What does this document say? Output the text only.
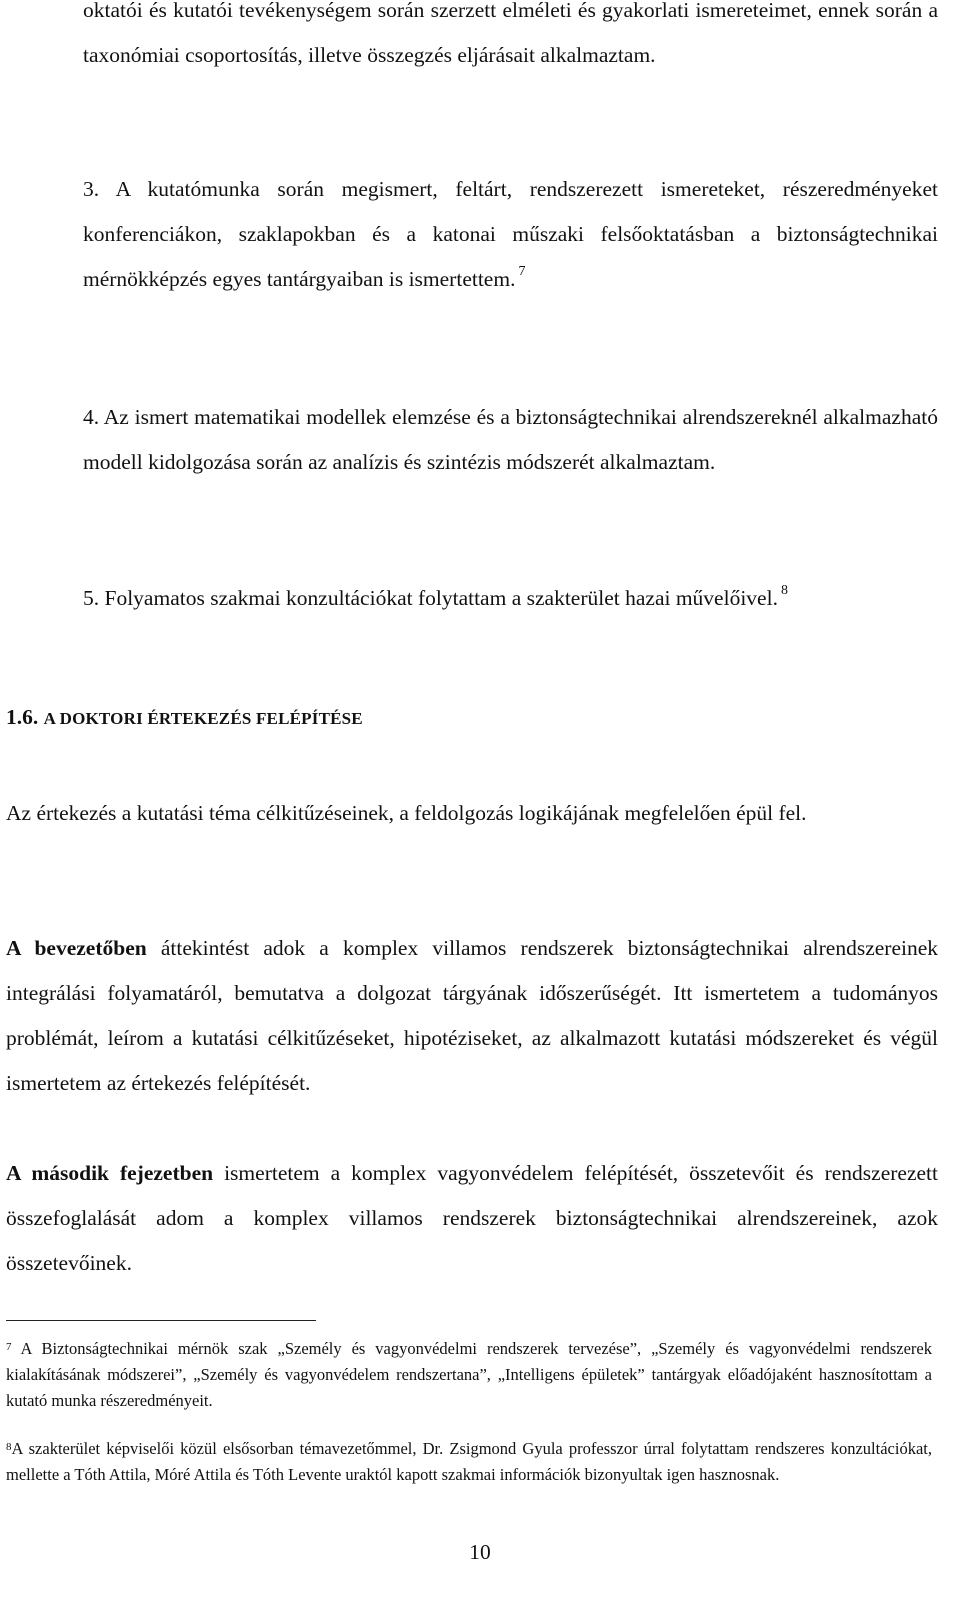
oktatói és kutatói tevékenységem során szerzett elméleti és gyakorlati ismereteimet, ennek során a taxonómiai csoportosítás, illetve összegzés eljárásait alkalmaztam.
3. A kutatómunka során megismert, feltárt, rendszerezett ismereteket, részeredményeket konferenciákon, szaklapokban és a katonai műszaki felsőoktatásban a biztonságtechnikai mérnökképzés egyes tantárgyaiban is ismertettem. $^7$
4. Az ismert matematikai modellek elemzése és a biztonságtechnikai alrendszereknél alkalmazható modell kidolgozása során az analízis és szintézis módszerét alkalmaztam.
5. Folyamatos szakmai konzultációkat folytattam a szakterület hazai művelőivel. $^8$
1.6. A DOKTORI ÉRTEKEZÉS FELÉPÍTÉSE
Az értekezés a kutatási téma célkitűzéseinek, a feldolgozás logikájának megfelelően épül fel.
A bevezetőben áttekintést adok a komplex villamos rendszerek biztonságtechnikai alrendszereinek integrálási folyamatáról, bemutatva a dolgozat tárgyának időszerűségét. Itt ismertetem a tudományos problémát, leírom a kutatási célkitűzéseket, hipotéziseket, az alkalmazott kutatási módszereket és végül ismertetem az értekezés felépítését.
A második fejezetben ismertetem a komplex vagyonvédelem felépítését, összetevőit és rendszerezett összefoglalását adom a komplex villamos rendszerek biztonságtechnikai alrendszereinek, azok összetevőinek.
$^7$ A Biztonságtechnikai mérnök szak „Személy és vagyonvédelmi rendszerek tervezése”, „Személy és vagyonvédelmi rendszerek kialakításának módszerei”, „Személy és vagyonvédelem rendszertana”, „Intelligens épületek” tantárgyak előadójaként hasznosítottam a kutató munka részeredményeit.
$^8$A szakterület képviselői közül elsősorban témavezetőmmel, Dr. Zsigmond Gyula professzor úrral folytattam rendszeres konzultációkat, mellette a Tóth Attila, Móré Attila és Tóth Levente uraktól kapott szakmai információk bizonyultak igen hasznosnak.
10
